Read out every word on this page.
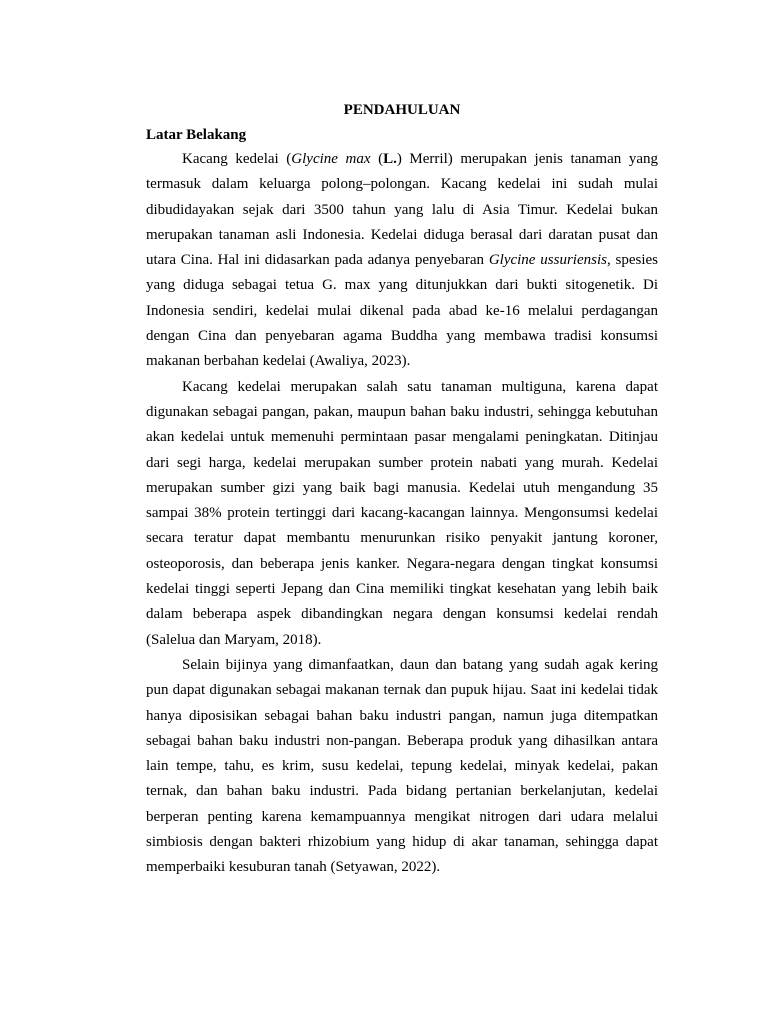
PENDAHULUAN
Latar Belakang

Kacang kedelai (Glycine max (L.) Merril) merupakan jenis tanaman yang termasuk dalam keluarga polong–polongan. Kacang kedelai ini sudah mulai dibudidayakan sejak dari 3500 tahun yang lalu di Asia Timur. Kedelai bukan merupakan tanaman asli Indonesia. Kedelai diduga berasal dari daratan pusat dan utara Cina. Hal ini didasarkan pada adanya penyebaran Glycine ussuriensis, spesies yang diduga sebagai tetua G. max yang ditunjukkan dari bukti sitogenetik. Di Indonesia sendiri, kedelai mulai dikenal pada abad ke-16 melalui perdagangan dengan Cina dan penyebaran agama Buddha yang membawa tradisi konsumsi makanan berbahan kedelai (Awaliya, 2023).

Kacang kedelai merupakan salah satu tanaman multiguna, karena dapat digunakan sebagai pangan, pakan, maupun bahan baku industri, sehingga kebutuhan akan kedelai untuk memenuhi permintaan pasar mengalami peningkatan. Ditinjau dari segi harga, kedelai merupakan sumber protein nabati yang murah. Kedelai merupakan sumber gizi yang baik bagi manusia. Kedelai utuh mengandung 35 sampai 38% protein tertinggi dari kacang-kacangan lainnya. Mengonsumsi kedelai secara teratur dapat membantu menurunkan risiko penyakit jantung koroner, osteoporosis, dan beberapa jenis kanker. Negara-negara dengan tingkat konsumsi kedelai tinggi seperti Jepang dan Cina memiliki tingkat kesehatan yang lebih baik dalam beberapa aspek dibandingkan negara dengan konsumsi kedelai rendah (Salelua dan Maryam, 2018).

Selain bijinya yang dimanfaatkan, daun dan batang yang sudah agak kering pun dapat digunakan sebagai makanan ternak dan pupuk hijau. Saat ini kedelai tidak hanya diposisikan sebagai bahan baku industri pangan, namun juga ditempatkan sebagai bahan baku industri non-pangan. Beberapa produk yang dihasilkan antara lain tempe, tahu, es krim, susu kedelai, tepung kedelai, minyak kedelai, pakan ternak, dan bahan baku industri. Pada bidang pertanian berkelanjutan, kedelai berperan penting karena kemampuannya mengikat nitrogen dari udara melalui simbiosis dengan bakteri rhizobium yang hidup di akar tanaman, sehingga dapat memperbaiki kesuburan tanah (Setyawan, 2022).
